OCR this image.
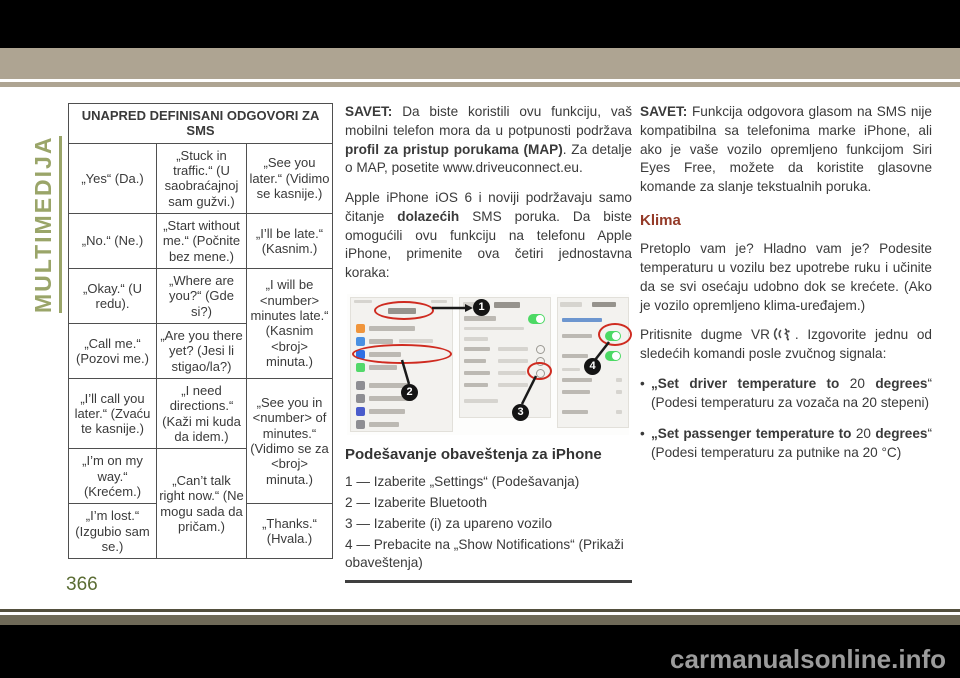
carmanualsonline.info
MULTIMEDIJA
366
UNAPRED DEFINISANI ODGOVORI ZA SMS		
„Yes“ (Da.)	„Stuck in traffic.“ (U saobraćajnoj sam gužvi.)	„See you later.“ (Vidimo se kasnije.)
„No.“ (Ne.)	„Start without me.“ (Počnite bez mene.)	„I’ll be late.“ (Kasnim.)
„Okay.“ (U redu).	„Where are you?“ (Gde si?)	„I will be <number> minutes late.“ (Kasnim <broj> minuta.)
„Call me.“ (Pozovi me.)	„Are you there yet? (Jesi li stigao/la?)	
„I’ll call you later.“ (Zvaću te kasnije.)	„I need directions.“ (Kaži mi kuda da idem.)	„See you in <number> of minutes.“ (Vidimo se za <broj> minuta.)
„I’m on my way.“ (Krećem.)	„Can’t talk right now.“ (Ne mogu sada da pričam.)	
„I’m lost.“ (Izgubio sam se.)		„Thanks.“ (Hvala.)

SAVET: Da biste koristili ovu funkciju, vaš mobilni telefon mora da u potpunosti podržava profil za pristup porukama (MAP). Za detalje o MAP, posetite www.driveuconnect.eu.

Apple iPhone iOS 6 i noviji podržavaju samo čitanje dolazećih SMS poruka. Da biste omogućili ovu funkciju na telefonu Apple iPhone, primenite ova četiri jednostavna koraka:

1
2
3
4
Podešavanje obaveštenja za iPhone
1 — Izaberite „Settings“ (Podešavanja)
2 — Izaberite Bluetooth
3 — Izaberite (i) za upareno vozilo
4 — Prebacite na „Show Notifications“ (Prikaži obaveštenja)

SAVET: Funkcija odgovora glasom na SMS nije kompatibilna sa telefonima marke iPhone, ali ako je vaše vozilo opremljeno funkcijom Siri Eyes Free, možete da koristite glasovne komande za slanje tekstualnih poruka.

Klima

Pretoplo vam je? Hladno vam je? Podesite temperaturu u vozilu bez upotrebe ruku i učinite da se svi osećaju udobno dok se krećete. (Ako je vozilo opremljeno klima-uređajem.)

Pritisnite dugme VR . Izgovorite jednu od sledećih komandi posle zvučnog signala:

• „Set driver temperature to 20 degrees“ (Podesi temperaturu za vozača na 20 stepeni)
• „Set passenger temperature to 20 degrees“ (Podesi temperaturu za putnike na 20 °C)
